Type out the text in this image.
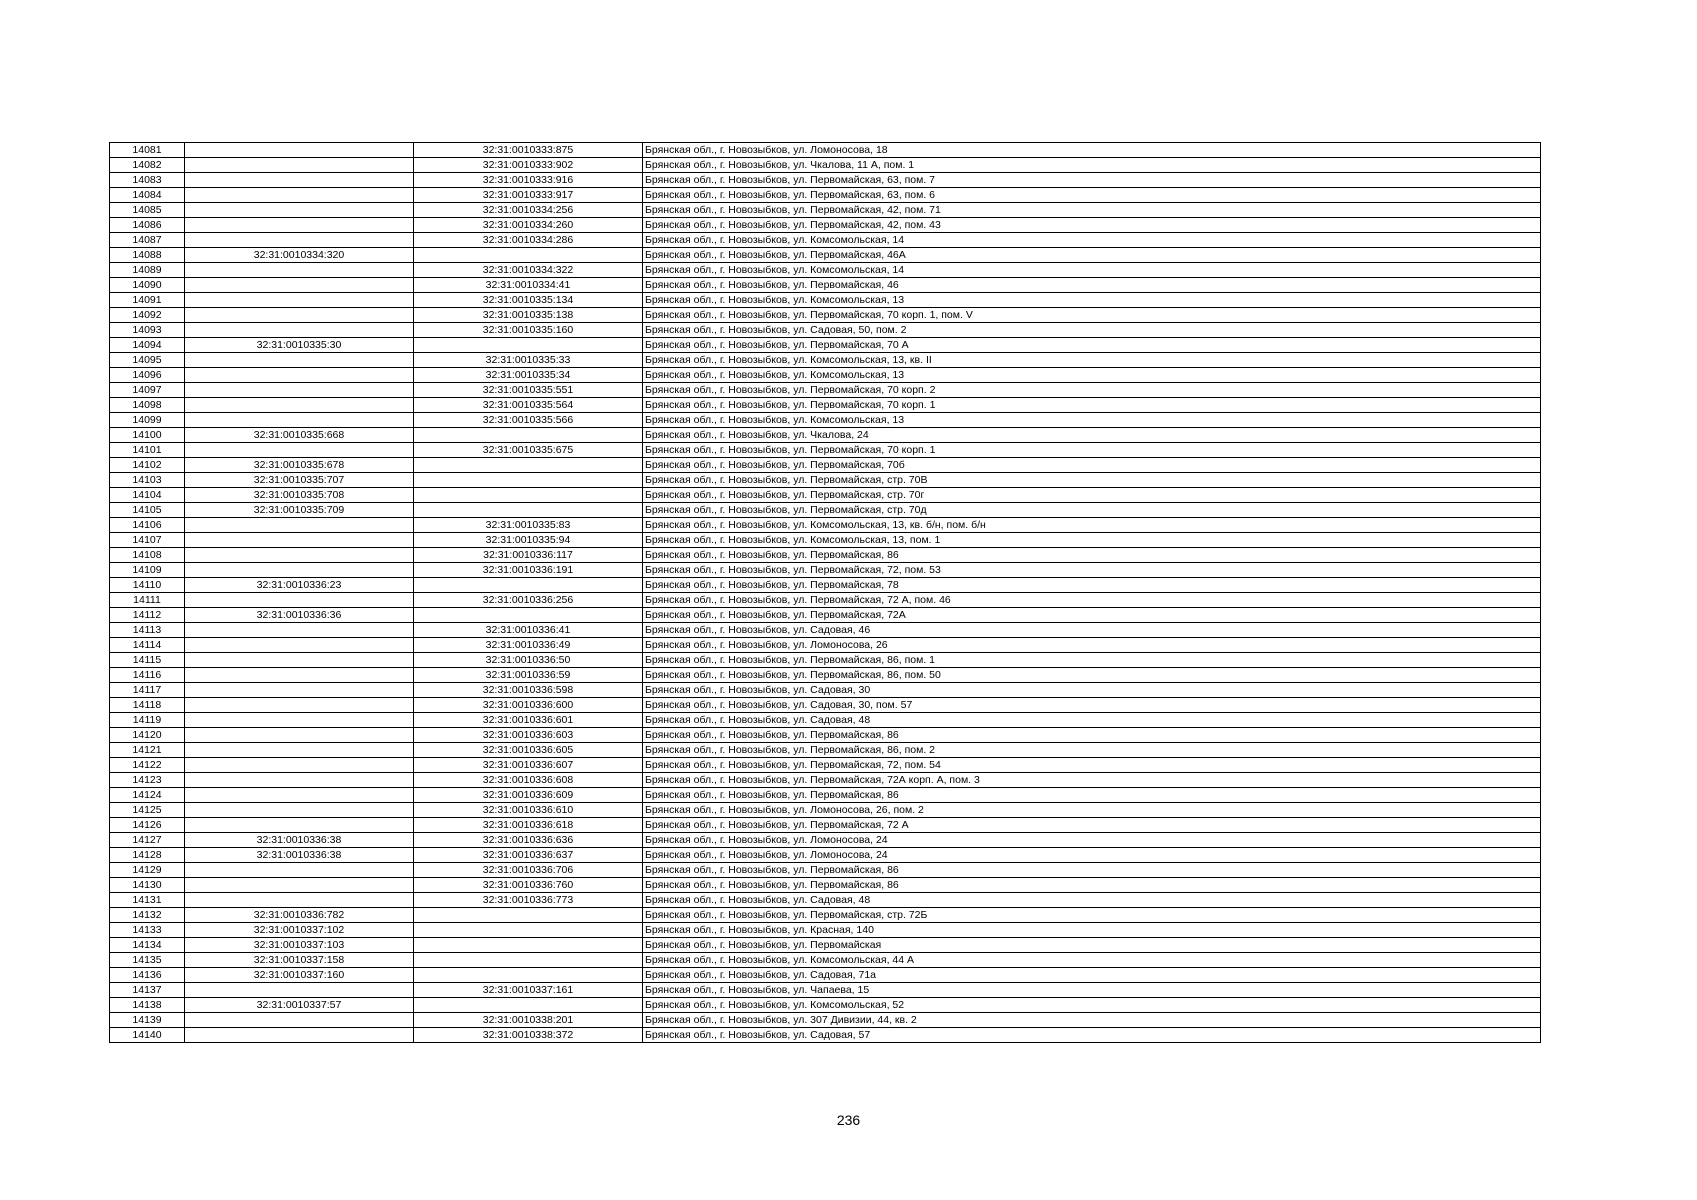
14081		32:31:0010333:875	Брянская обл., г. Новозыбков, ул. Ломоносова, 18
14082		32:31:0010333:902	Брянская обл., г. Новозыбков, ул. Чкалова, 11 А, пом. 1
14083		32:31:0010333:916	Брянская обл., г. Новозыбков, ул. Первомайская, 63, пом. 7
14084		32:31:0010333:917	Брянская обл., г. Новозыбков, ул. Первомайская, 63, пом. 6
14085		32:31:0010334:256	Брянская обл., г. Новозыбков, ул. Первомайская, 42, пом. 71
14086		32:31:0010334:260	Брянская обл., г. Новозыбков, ул. Первомайская, 42, пом. 43
14087		32:31:0010334:286	Брянская обл., г. Новозыбков, ул. Комсомольская, 14
14088	32:31:0010334:320		Брянская обл., г. Новозыбков, ул. Первомайская, 46А
14089		32:31:0010334:322	Брянская обл., г. Новозыбков, ул. Комсомольская, 14
14090		32:31:0010334:41	Брянская обл., г. Новозыбков, ул. Первомайская, 46
14091		32:31:0010335:134	Брянская обл., г. Новозыбков, ул. Комсомольская, 13
14092		32:31:0010335:138	Брянская обл., г. Новозыбков, ул. Первомайская, 70 корп. 1, пом. V
14093		32:31:0010335:160	Брянская обл., г. Новозыбков, ул. Садовая, 50, пом. 2
14094	32:31:0010335:30		Брянская обл., г. Новозыбков, ул. Первомайская, 70 А
14095		32:31:0010335:33	Брянская обл., г. Новозыбков, ул. Комсомольская, 13, кв. II
14096		32:31:0010335:34	Брянская обл., г. Новозыбков, ул. Комсомольская, 13
14097		32:31:0010335:551	Брянская обл., г. Новозыбков, ул. Первомайская, 70 корп. 2
14098		32:31:0010335:564	Брянская обл., г. Новозыбков, ул. Первомайская, 70 корп. 1
14099		32:31:0010335:566	Брянская обл., г. Новозыбков, ул. Комсомольская, 13
14100	32:31:0010335:668		Брянская обл., г. Новозыбков, ул. Чкалова, 24
14101		32:31:0010335:675	Брянская обл., г. Новозыбков, ул. Первомайская, 70 корп. 1
14102	32:31:0010335:678		Брянская обл., г. Новозыбков, ул. Первомайская, 70б
14103	32:31:0010335:707		Брянская обл., г. Новозыбков, ул. Первомайская, стр. 70В
14104	32:31:0010335:708		Брянская обл., г. Новозыбков, ул. Первомайская, стр. 70г
14105	32:31:0010335:709		Брянская обл., г. Новозыбков, ул. Первомайская, стр. 70д
14106		32:31:0010335:83	Брянская обл., г. Новозыбков, ул. Комсомольская, 13, кв. б/н, пом. б/н
14107		32:31:0010335:94	Брянская обл., г. Новозыбков, ул. Комсомольская, 13, пом. 1
14108		32:31:0010336:117	Брянская обл., г. Новозыбков, ул. Первомайская, 86
14109		32:31:0010336:191	Брянская обл., г. Новозыбков, ул. Первомайская, 72, пом. 53
14110	32:31:0010336:23		Брянская обл., г. Новозыбков, ул. Первомайская, 78
14111		32:31:0010336:256	Брянская обл., г. Новозыбков, ул. Первомайская, 72 А, пом. 46
14112	32:31:0010336:36		Брянская обл., г. Новозыбков, ул. Первомайская, 72А
14113		32:31:0010336:41	Брянская обл., г. Новозыбков, ул. Садовая, 46
14114		32:31:0010336:49	Брянская обл., г. Новозыбков, ул. Ломоносова, 26
14115		32:31:0010336:50	Брянская обл., г. Новозыбков, ул. Первомайская, 86, пом. 1
14116		32:31:0010336:59	Брянская обл., г. Новозыбков, ул. Первомайская, 86, пом. 50
14117		32:31:0010336:598	Брянская обл., г. Новозыбков, ул. Садовая, 30
14118		32:31:0010336:600	Брянская обл., г. Новозыбков, ул. Садовая, 30, пом. 57
14119		32:31:0010336:601	Брянская обл., г. Новозыбков, ул. Садовая, 48
14120		32:31:0010336:603	Брянская обл., г. Новозыбков, ул. Первомайская, 86
14121		32:31:0010336:605	Брянская обл., г. Новозыбков, ул. Первомайская, 86, пом. 2
14122		32:31:0010336:607	Брянская обл., г. Новозыбков, ул. Первомайская, 72, пом. 54
14123		32:31:0010336:608	Брянская обл., г. Новозыбков, ул. Первомайская, 72А корп. А, пом. 3
14124		32:31:0010336:609	Брянская обл., г. Новозыбков, ул. Первомайская, 86
14125		32:31:0010336:610	Брянская обл., г. Новозыбков, ул. Ломоносова, 26, пом. 2
14126		32:31:0010336:618	Брянская обл., г. Новозыбков, ул. Первомайская, 72 А
14127	32:31:0010336:38	32:31:0010336:636	Брянская обл., г. Новозыбков, ул. Ломоносова, 24
14128	32:31:0010336:38	32:31:0010336:637	Брянская обл., г. Новозыбков, ул. Ломоносова, 24
14129		32:31:0010336:706	Брянская обл., г. Новозыбков, ул. Первомайская, 86
14130		32:31:0010336:760	Брянская обл., г. Новозыбков, ул. Первомайская, 86
14131		32:31:0010336:773	Брянская обл., г. Новозыбков, ул. Садовая, 48
14132	32:31:0010336:782		Брянская обл., г. Новозыбков, ул. Первомайская, стр. 72Б
14133	32:31:0010337:102		Брянская обл., г. Новозыбков, ул. Красная, 140
14134	32:31:0010337:103		Брянская обл., г. Новозыбков, ул. Первомайская
14135	32:31:0010337:158		Брянская обл., г. Новозыбков, ул. Комсомольская, 44 А
14136	32:31:0010337:160		Брянская обл., г. Новозыбков, ул. Садовая, 71а
14137		32:31:0010337:161	Брянская обл., г. Новозыбков, ул. Чапаева, 15
14138	32:31:0010337:57		Брянская обл., г. Новозыбков, ул. Комсомольская, 52
14139		32:31:0010338:201	Брянская обл., г. Новозыбков, ул. 307 Дивизии, 44, кв. 2
14140		32:31:0010338:372	Брянская обл., г. Новозыбков, ул. Садовая, 57
236
